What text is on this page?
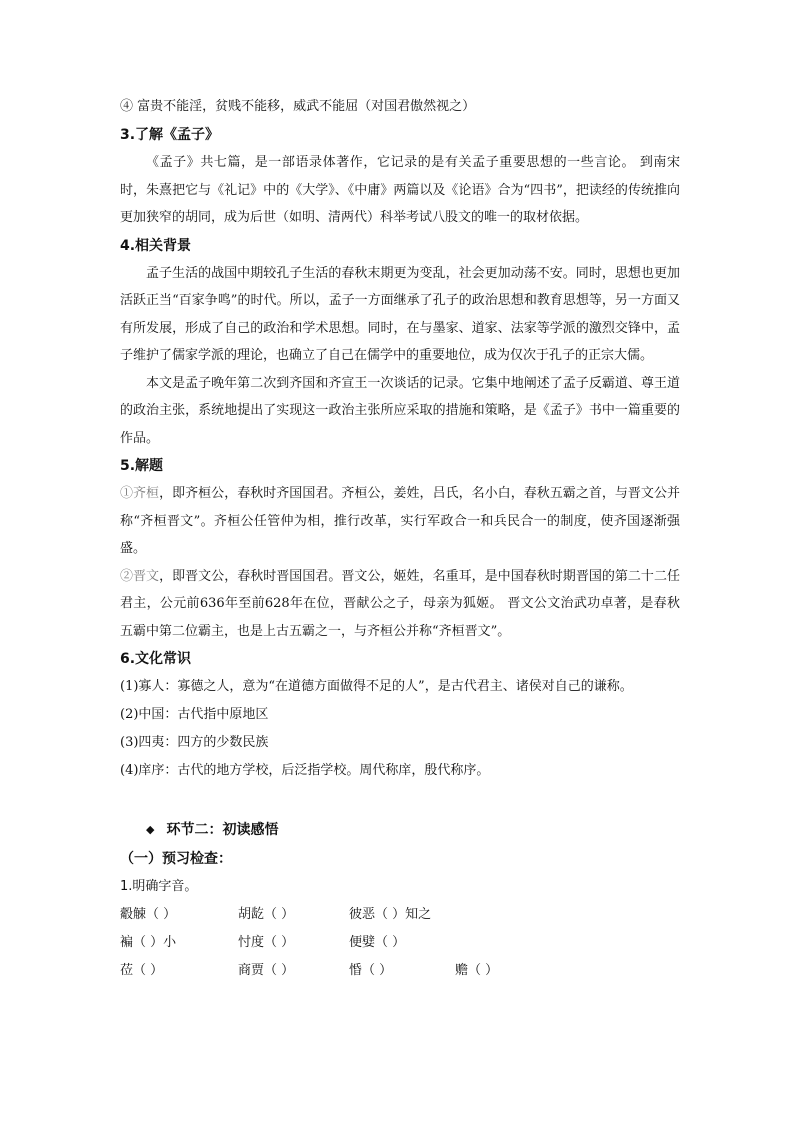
④ 富贵不能淫，贫贱不能移，威武不能屈（对国君傲然视之）

3.了解《孟子》

《孟子》共七篇，是一部语录体著作，它记录的是有关孟子重要思想的一些言论。 到南宋时，朱熹把它与《礼记》中的《大学》、《中庸》两篇以及《论语》合为“四书”，把读经的传统推向更加狭窄的胡同，成为后世（如明、清两代）科举考试八股文的唯一的取材依据。

4.相关背景

孟子生活的战国中期较孔子生活的春秋末期更为变乱，社会更加动荡不安。同时，思想也更加活跃正当“百家争鸣”的时代。所以，孟子一方面继承了孔子的政治思想和教育思想等，另一方面又有所发展，形成了自己的政治和学术思想。同时，在与墨家、道家、法家等学派的激烈交锋中，孟子维护了儒家学派的理论，也确立了自己在儒学中的重要地位，成为仅次于孔子的正宗大儒。

本文是孟子晚年第二次到齐国和齐宣王一次谈话的记录。它集中地阐述了孟子反霸道、尊王道的政治主张，系统地提出了实现这一政治主张所应采取的措施和策略，是《孟子》书中一篇重要的作品。

5.解题

①齐桓，即齐桓公，春秋时齐国国君。齐桓公，姜姓，吕氏，名小白，春秋五霸之首，与晋文公并称“齐桓晋文”。齐桓公任管仲为相，推行改革，实行军政合一和兵民合一的制度，使齐国逐渐强盛。

②晋文，即晋文公，春秋时晋国国君。晋文公，姬姓，名重耳，是中国春秋时期晋国的第二十二任君主，公元前636年至前628年在位，晋献公之子，母亲为狐姬。 晋文公文治武功卓著，是春秋五霸中第二位霸主，也是上古五霸之一，与齐桓公并称“齐桓晋文”。

6.文化常识

(1)寡人：寡德之人，意为“在道德方面做得不足的人”，是古代君主、诸侯对自己的谦称。

(2)中国：古代指中原地区

(3)四夷：四方的少数民族

(4)庠序：古代的地方学校，后泛指学校。周代称庠，殷代称序。

◆ 环节二：初读感悟

（一）预习检查：

1.明确字音。

觳觫（ ）	胡龁（ ）	彼恶（ ）知之
褊（ ）小	忖度（ ）	便嬖（ ）
莅（ ）	商贾（ ）	惛（ ）	赡（ ）
